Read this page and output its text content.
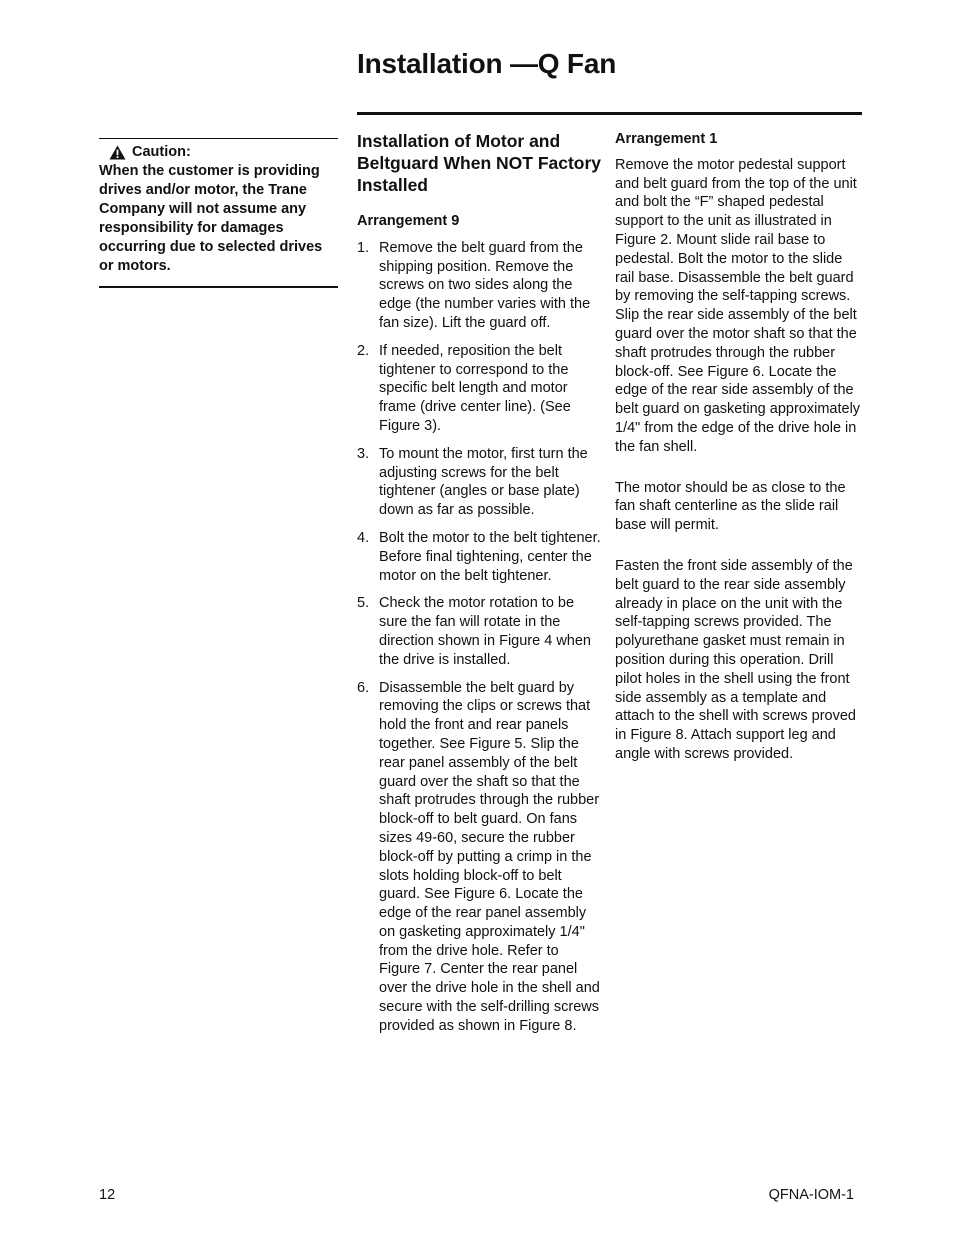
Installation —Q Fan
Caution:
When the customer is providing drives and/or motor, the Trane Company will not assume any responsibility for damages occurring due to selected drives or motors.
Installation of Motor and Beltguard When NOT Factory Installed
Arrangement 9
1. Remove the belt guard from the shipping position. Remove the screws on two sides along the edge (the number varies with the fan size). Lift the guard off.
2. If needed, reposition the belt tightener to correspond to the specific belt length and motor frame (drive center line). (See Figure 3).
3. To mount the motor, first turn the adjusting screws for the belt tightener (angles or base plate) down as far as possible.
4. Bolt the motor to the belt tightener. Before final tightening, center the motor on the belt tightener.
5. Check the motor rotation to be sure the fan will rotate in the direction shown in Figure 4 when the drive is installed.
6. Disassemble the belt guard by removing the clips or screws that hold the front and rear panels together. See Figure 5. Slip the rear panel assembly of the belt guard over the shaft so that the shaft protrudes through the rubber block-off to belt guard. On fans sizes 49-60, secure the rubber block-off by putting a crimp in the slots holding block-off to belt guard. See Figure 6. Locate the edge of the rear panel assembly on gasketing approximately 1/4" from the drive hole. Refer to Figure 7. Center the rear panel over the drive hole in the shell and secure with the self-drilling screws provided as shown in Figure 8.
Arrangement 1

Remove the motor pedestal support and belt guard from the top of the unit and bolt the “F” shaped pedestal support to the unit as illustrated in Figure 2. Mount slide rail base to pedestal. Bolt the motor to the slide rail base. Disassemble the belt guard by removing the self-tapping screws. Slip the rear side assembly of the belt guard over the motor shaft so that the shaft protrudes through the rubber block-off. See Figure 6. Locate the edge of the rear side assembly of the belt guard on gasketing approximately 1/4" from the edge of the drive hole in the fan shell.

The motor should be as close to the fan shaft centerline as the slide rail base will permit.

Fasten the front side assembly of the belt guard to the rear side assembly already in place on the unit with the self-tapping screws provided. The polyurethane gasket must remain in position during this operation. Drill pilot holes in the shell using the front side assembly as a template and attach to the shell with screws proved in Figure 8. Attach support leg and angle with screws provided.

12	QFNA-IOM-1
